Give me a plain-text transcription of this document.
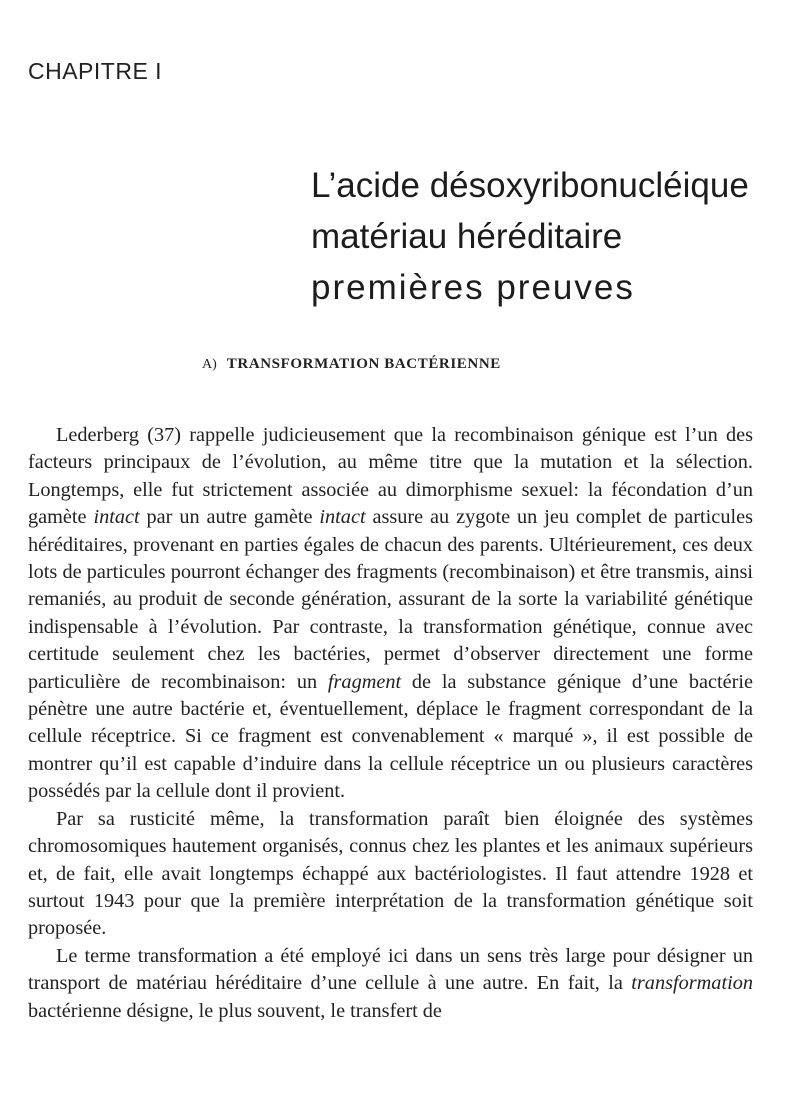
CHAPITRE I
L’acide désoxyribonucléique
matériau héréditaire
premières preuves
A) TRANSFORMATION BACTÉRIENNE

Lederberg (37) rappelle judicieusement que la recombinaison génique est l’un des facteurs principaux de l’évolution, au même titre que la mutation et la sélection. Longtemps, elle fut strictement associée au dimorphisme sexuel: la fécondation d’un gamète intact par un autre gamète intact assure au zygote un jeu complet de particules héréditaires, provenant en parties égales de chacun des parents. Ultérieurement, ces deux lots de particules pourront échanger des fragments (recombinaison) et être transmis, ainsi remaniés, au produit de seconde génération, assurant de la sorte la variabilité génétique indispensable à l’évolution. Par contraste, la transformation génétique, connue avec certitude seulement chez les bactéries, permet d’observer directement une forme particulière de recombinaison: un fragment de la substance génique d’une bactérie pénètre une autre bactérie et, éventuellement, déplace le fragment correspondant de la cellule réceptrice. Si ce fragment est convenablement « marqué », il est possible de montrer qu’il est capable d’induire dans la cellule réceptrice un ou plusieurs caractères possédés par la cellule dont il provient.

Par sa rusticité même, la transformation paraît bien éloignée des systèmes chromosomiques hautement organisés, connus chez les plantes et les animaux supérieurs et, de fait, elle avait longtemps échappé aux bactériologistes. Il faut attendre 1928 et surtout 1943 pour que la première interprétation de la transformation génétique soit proposée.

Le terme transformation a été employé ici dans un sens très large pour désigner un transport de matériau héréditaire d’une cellule à une autre. En fait, la transformation bactérienne désigne, le plus souvent, le transfert de
